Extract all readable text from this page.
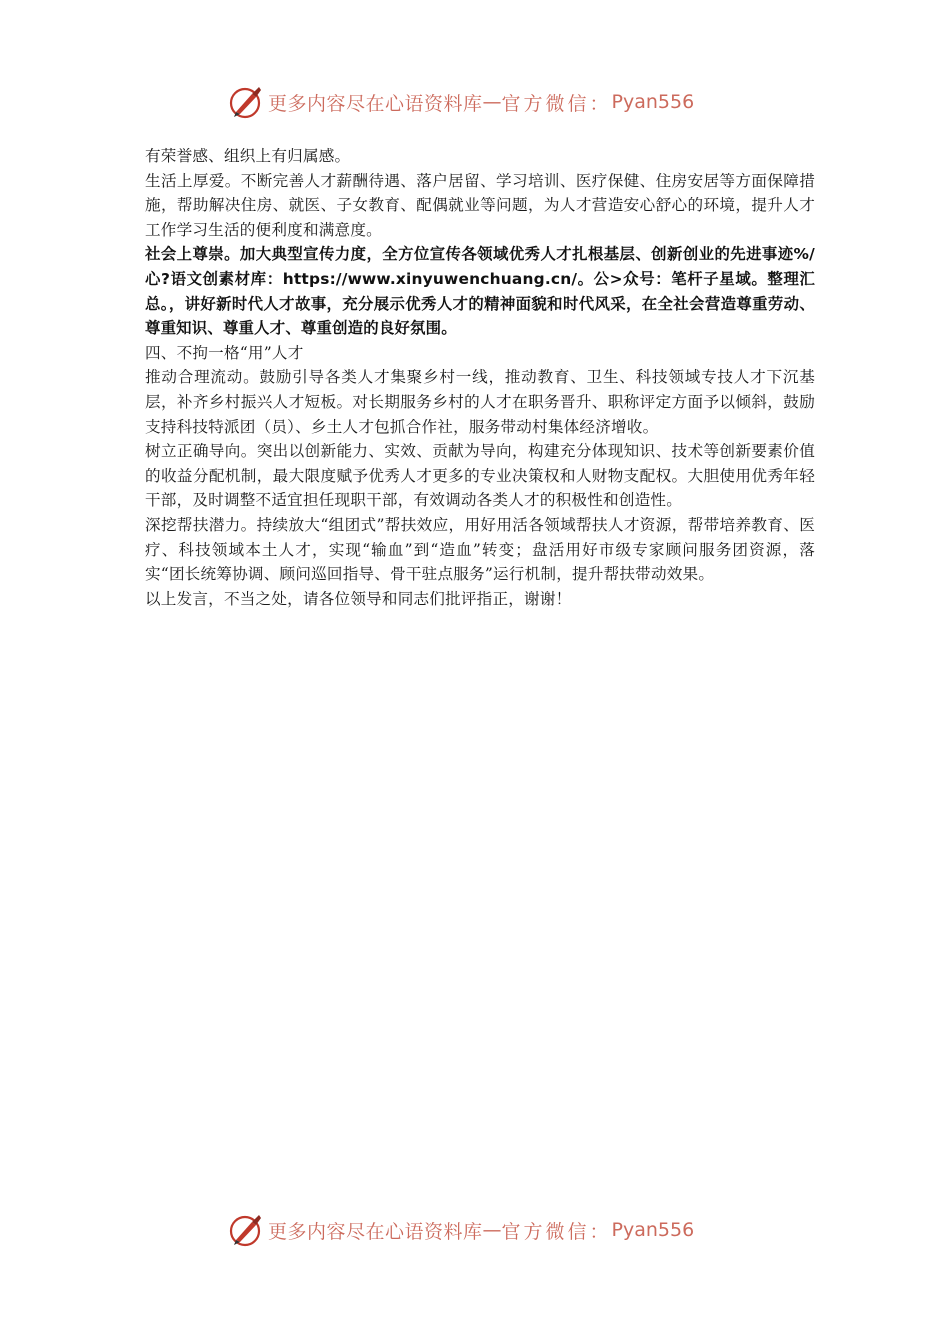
更多内容尽在心语资料库 — 官方微信： Pyan556

有荣誉感、组织上有归属感。

生活上厚爱。不断完善人才薪酬待遇、落户居留、学习培训、医疗保健、住房安居等方面保障措施，帮助解决住房、就医、子女教育、配偶就业等问题，为人才营造安心舒心的环境，提升人才工作学习生活的便利度和满意度。

社会上尊崇。加大典型宣传力度，全方位宣传各领域优秀人才扎根基层、创新创业的先进事迹%/心?语文创素材库：https://www.xinyuwenchuang.cn/。公>众号：笔杆子星域。整理汇总。，讲好新时代人才故事，充分展示优秀人才的精神面貌和时代风采，在全社会营造尊重劳动、尊重知识、尊重人才、尊重创造的良好氛围。

四、不拘一格“用”人才

推动合理流动。鼓励引导各类人才集聚乡村一线，推动教育、卫生、科技领域专技人才下沉基层，补齐乡村振兴人才短板。对长期服务乡村的人才在职务晋升、职称评定方面予以倾斜，鼓励支持科技特派团（员）、乡土人才包抓合作社，服务带动村集体经济增收。

树立正确导向。突出以创新能力、实效、贡献为导向，构建充分体现知识、技术等创新要素价值的收益分配机制，最大限度赋予优秀人才更多的专业决策权和人财物支配权。大胆使用优秀年轻干部，及时调整不适宜担任现职干部，有效调动各类人才的积极性和创造性。

深挖帮扶潜力。持续放大“组团式”帮扶效应，用好用活各领域帮扶人才资源，帮带培养教育、医疗、科技领域本土人才，实现“输血”到“造血”转变；盘活用好市级专家顾问服务团资源，落实“团长统筹协调、顾问巡回指导、骨干驻点服务”运行机制，提升帮扶带动效果。

以上发言，不当之处，请各位领导和同志们批评指正，谢谢！

更多内容尽在心语资料库 — 官方微信： Pyan556
